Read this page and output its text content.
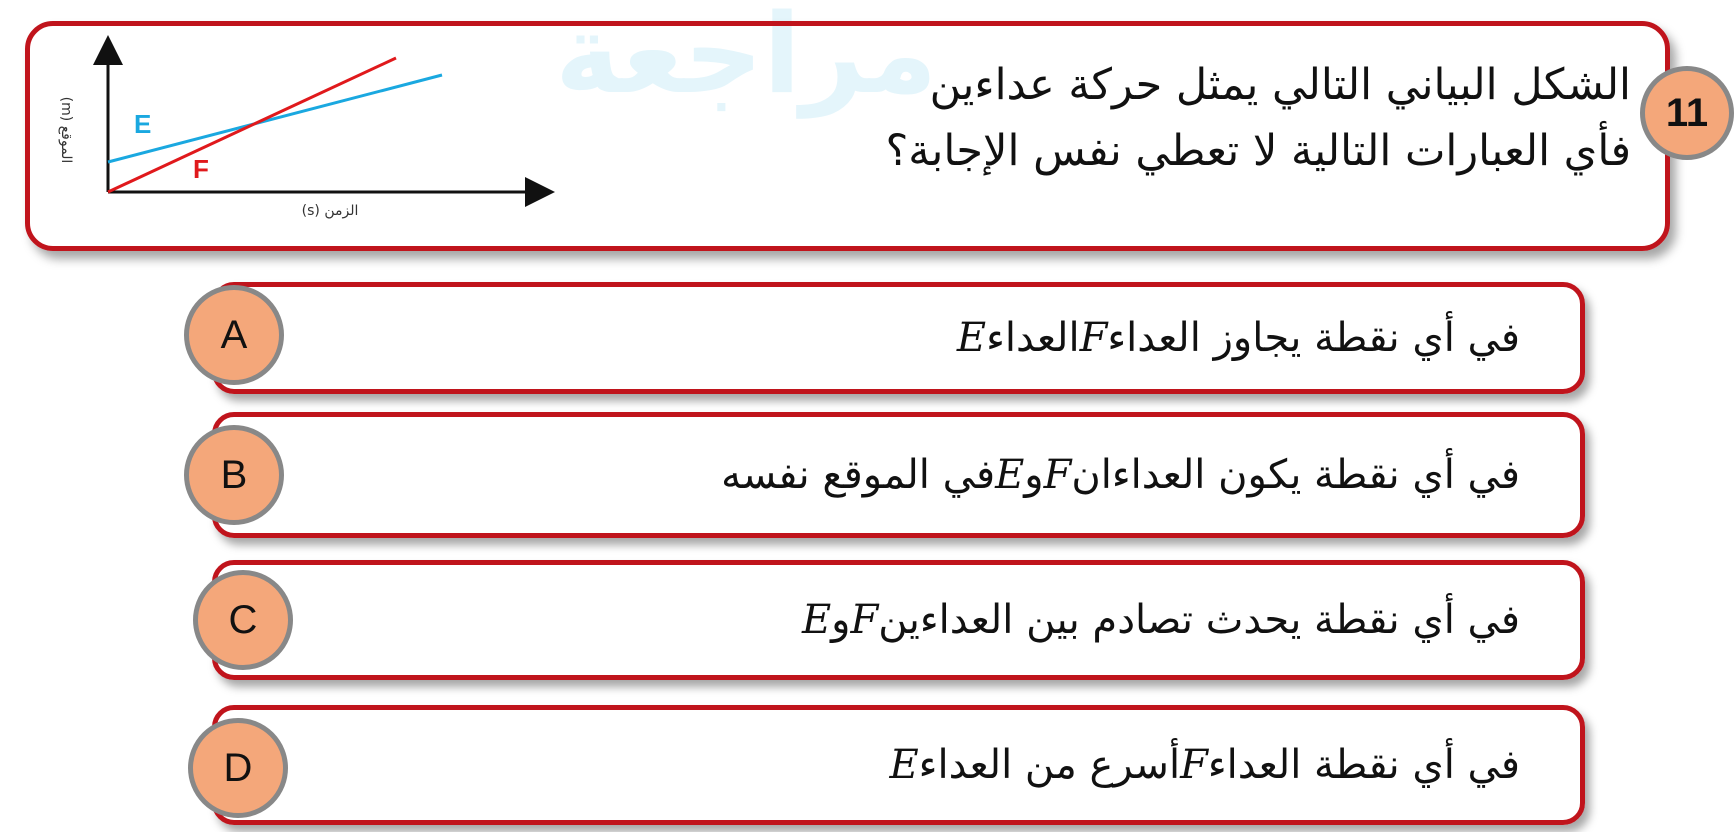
مراجعة
الشكل البياني التالي يمثل حركة عداءين
فأي العبارات التالية لا تعطي نفس الإجابة؟
11
E
F
الزمن (s)
الموقع (m)
في أي نقطة يجاوز العداء
F
العداء
E
A
في أي نقطة يكون العداءان
F
و
E
في الموقع نفسه
B
في أي نقطة يحدث تصادم بين العداءين
F
و
E
C
في أي نقطة العداء
F
أسرع من العداء
E
D
